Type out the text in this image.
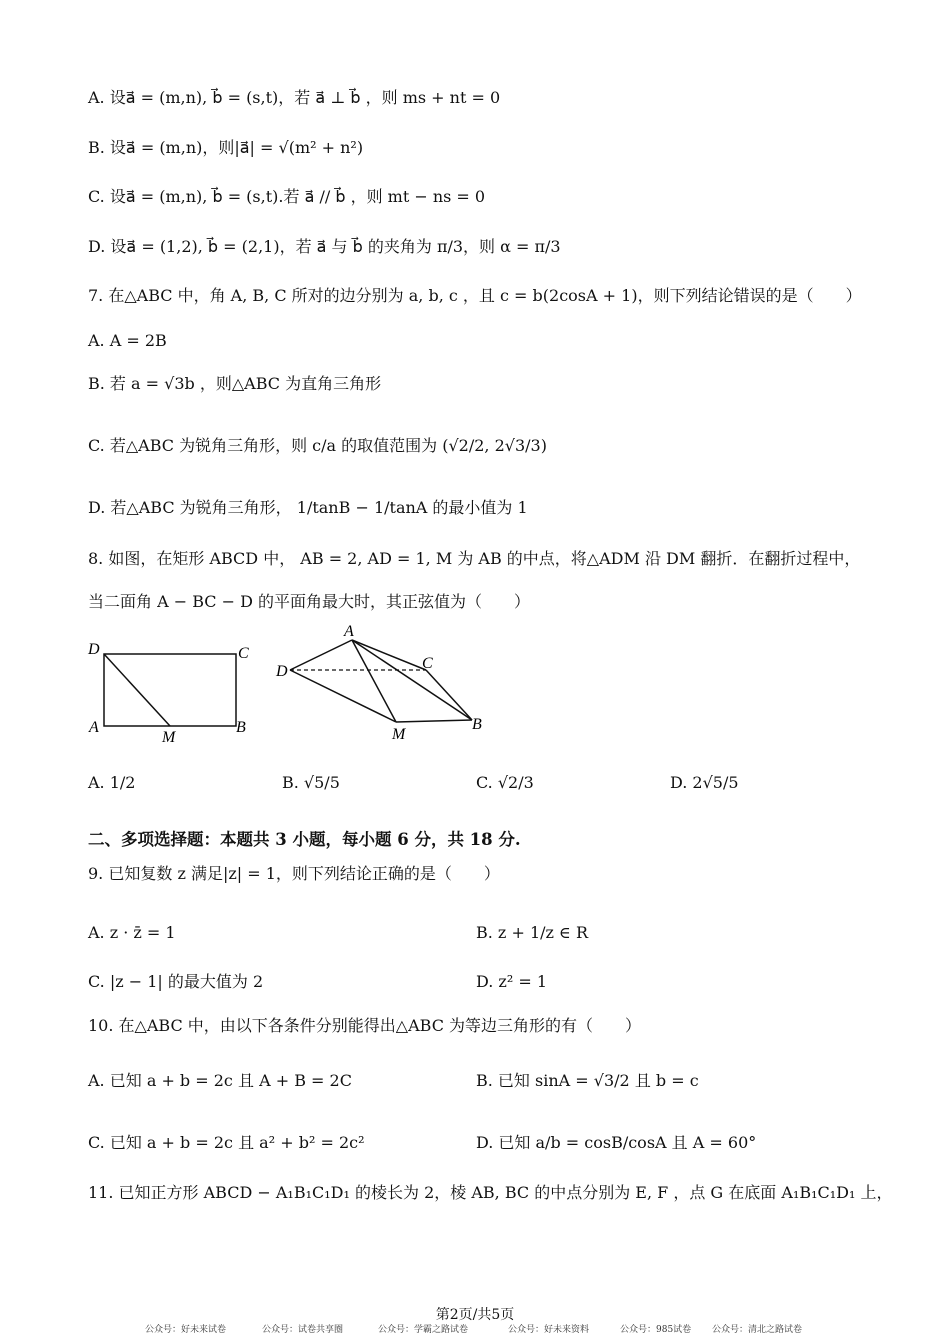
A. 设a⃗ = (m,n), b⃗ = (s,t)，若 a⃗ ⊥ b⃗ ，则 ms + nt = 0
B. 设a⃗ = (m,n)，则|a⃗| = √(m² + n²)
C. 设a⃗ = (m,n), b⃗ = (s,t).若 a⃗ // b⃗ ，则 mt − ns = 0
D. 设a⃗ = (1,2), b⃗ = (2,1)，若 a⃗ 与 b⃗ 的夹角为 π/3，则 α = π/3
7. 在△ABC 中，角 A, B, C 所对的边分别为 a, b, c ，且 c = b(2cosA + 1)，则下列结论错误的是（　　）
A. A = 2B
B. 若 a = √3b ，则△ABC 为直角三角形
C. 若△ABC 为锐角三角形，则 c/a 的取值范围为 (√2/2, 2√3/3)
D. 若△ABC 为锐角三角形， 1/tanB − 1/tanA 的最小值为 1
8. 如图，在矩形 ABCD 中， AB = 2, AD = 1, M 为 AB 的中点，将△ADM 沿 DM 翻折．在翻折过程中，
当二面角 A − BC − D 的平面角最大时，其正弦值为（　　）
D	C
A	B
M
A
C
D
M
B
A. 1/2	B. √5/5	C. √2/3	D. 2√5/5
二、多项选择题：本题共 3 小题，每小题 6 分，共 18 分.
9. 已知复数 z 满足|z| = 1，则下列结论正确的是（　　）
A. z · z̄ = 1	B. z + 1/z ∈ R
C. |z − 1| 的最大值为 2	D. z² = 1
10. 在△ABC 中，由以下各条件分别能得出△ABC 为等边三角形的有（　　）
A. 已知 a + b = 2c 且 A + B = 2C	B. 已知 sinA = √3/2 且 b = c
C. 已知 a + b = 2c 且 a² + b² = 2c²	D. 已知 a/b = cosB/cosA 且 A = 60°
11. 已知正方形 ABCD − A₁B₁C₁D₁ 的棱长为 2，棱 AB, BC 的中点分别为 E, F ，点 G 在底面 A₁B₁C₁D₁ 上，
第2页/共5页
公众号：好未来试卷	公众号：试卷共享圈	公众号：学霸之路试卷	公众号：好未来资料	公众号：985试卷 公众号：清北之路试卷
